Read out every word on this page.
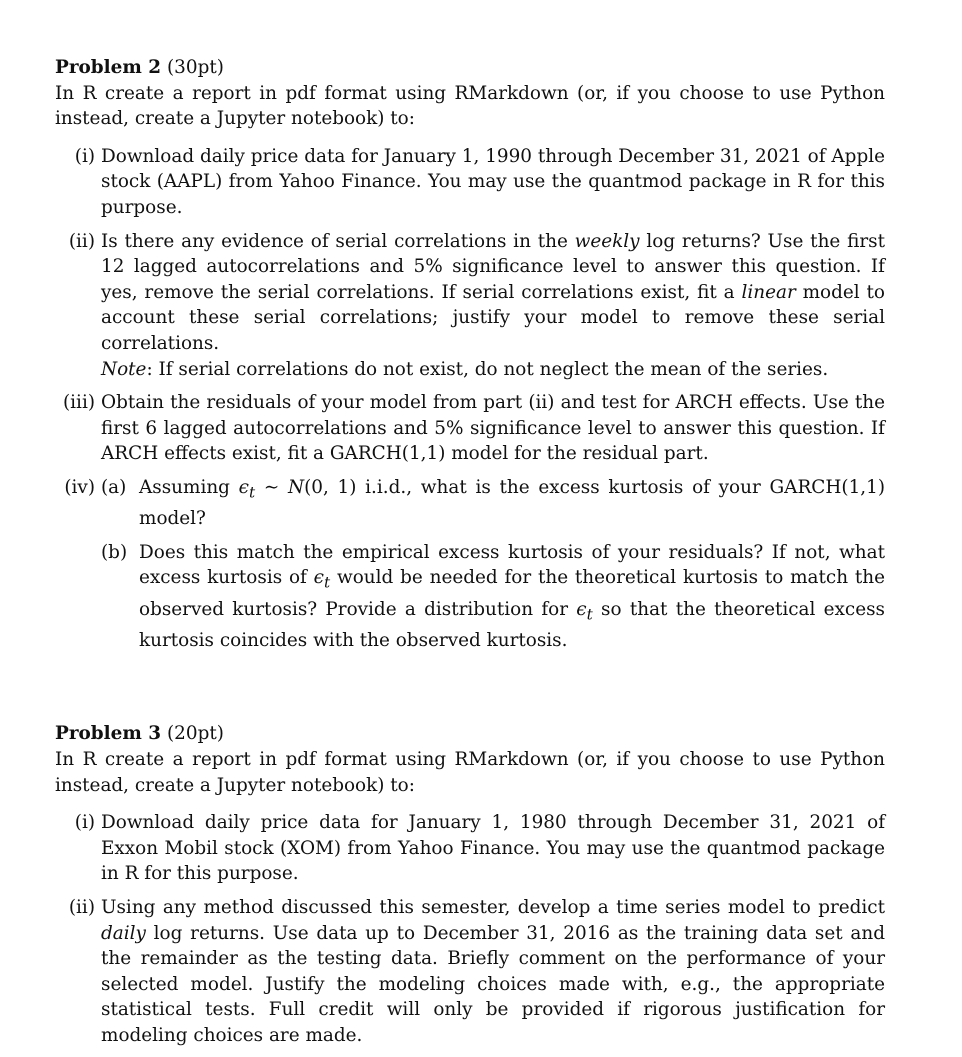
Problem 2 (30pt)

In R create a report in pdf format using RMarkdown (or, if you choose to use Python instead, create a Jupyter notebook) to:

(i) Download daily price data for January 1, 1990 through December 31, 2021 of Apple stock (AAPL) from Yahoo Finance. You may use the quantmod package in R for this purpose.
(ii) Is there any evidence of serial correlations in the weekly log returns? Use the first 12 lagged autocorrelations and 5% significance level to answer this question. If yes, remove the serial correlations. If serial correlations exist, fit a linear model to account these serial correlations; justify your model to remove these serial correlations.
Note: If serial correlations do not exist, do not neglect the mean of the series.
(iii) Obtain the residuals of your model from part (ii) and test for ARCH effects. Use the first 6 lagged autocorrelations and 5% significance level to answer this question. If ARCH effects exist, fit a GARCH(1,1) model for the residual part.
(iv) (a) Assuming $\epsilon_t$ ∼ N(0, 1) i.i.d., what is the excess kurtosis of your GARCH(1,1) model?
(b) Does this match the empirical excess kurtosis of your residuals? If not, what excess kurtosis of $\epsilon_t$ would be needed for the theoretical kurtosis to match the observed kurtosis? Provide a distribution for $\epsilon_t$ so that the theoretical excess kurtosis coincides with the observed kurtosis.
Problem 3 (20pt)

In R create a report in pdf format using RMarkdown (or, if you choose to use Python instead, create a Jupyter notebook) to:

(i) Download daily price data for January 1, 1980 through December 31, 2021 of Exxon Mobil stock (XOM) from Yahoo Finance. You may use the quantmod package in R for this purpose.
(ii) Using any method discussed this semester, develop a time series model to predict daily log returns. Use data up to December 31, 2016 as the training data set and the remainder as the testing data. Briefly comment on the performance of your selected model. Justify the modeling choices made with, e.g., the appropriate statistical tests. Full credit will only be provided if rigorous justification for modeling choices are made.
